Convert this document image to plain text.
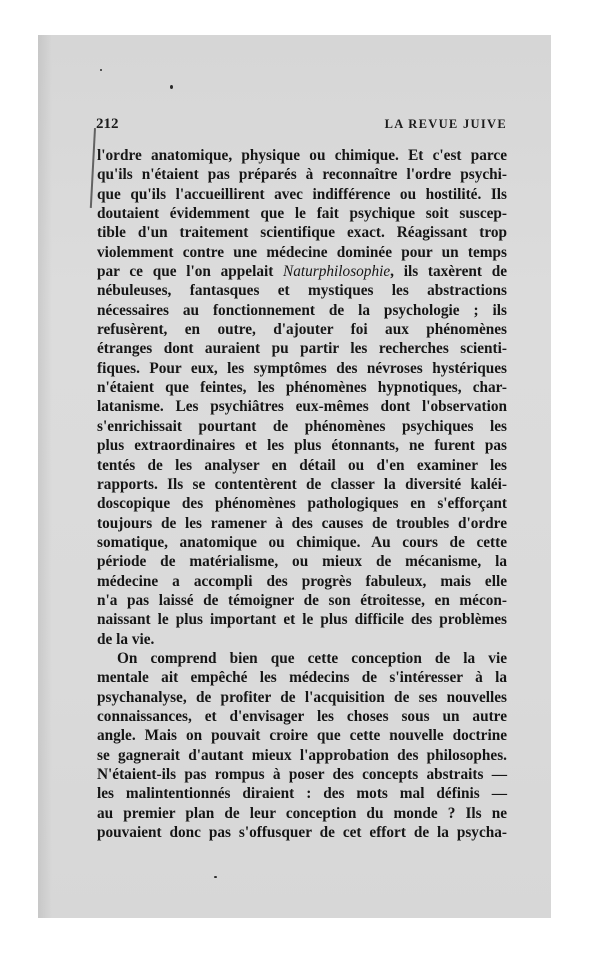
212	LA REVUE JUIVE
l'ordre anatomique, physique ou chimique. Et c'est parce
qu'ils n'étaient pas préparés à reconnaître l'ordre psychi-
que qu'ils l'accueillirent avec indifférence ou hostilité. Ils
doutaient évidemment que le fait psychique soit suscep-
tible d'un traitement scientifique exact. Réagissant trop
violemment contre une médecine dominée pour un temps
par ce que l'on appelait Naturphilosophie, ils taxèrent de
nébuleuses, fantasques et mystiques les abstractions
nécessaires au fonctionnement de la psychologie ; ils
refusèrent, en outre, d'ajouter foi aux phénomènes
étranges dont auraient pu partir les recherches scienti-
fiques. Pour eux, les symptômes des névroses hystériques
n'étaient que feintes, les phénomènes hypnotiques, char-
latanisme. Les psychiâtres eux-mêmes dont l'observation
s'enrichissait pourtant de phénomènes psychiques les
plus extraordinaires et les plus étonnants, ne furent pas
tentés de les analyser en détail ou d'en examiner les
rapports. Ils se contentèrent de classer la diversité kaléi-
doscopique des phénomènes pathologiques en s'efforçant
toujours de les ramener à des causes de troubles d'ordre
somatique, anatomique ou chimique. Au cours de cette
période de matérialisme, ou mieux de mécanisme, la
médecine a accompli des progrès fabuleux, mais elle
n'a pas laissé de témoigner de son étroitesse, en mécon-
naissant le plus important et le plus difficile des problèmes
de la vie.
On comprend bien que cette conception de la vie
mentale ait empêché les médecins de s'intéresser à la
psychanalyse, de profiter de l'acquisition de ses nouvelles
connaissances, et d'envisager les choses sous un autre
angle. Mais on pouvait croire que cette nouvelle doctrine
se gagnerait d'autant mieux l'approbation des philosophes.
N'étaient-ils pas rompus à poser des concepts abstraits —
les malintentionnés diraient : des mots mal définis —
au premier plan de leur conception du monde ? Ils ne
pouvaient donc pas s'offusquer de cet effort de la psycha-
